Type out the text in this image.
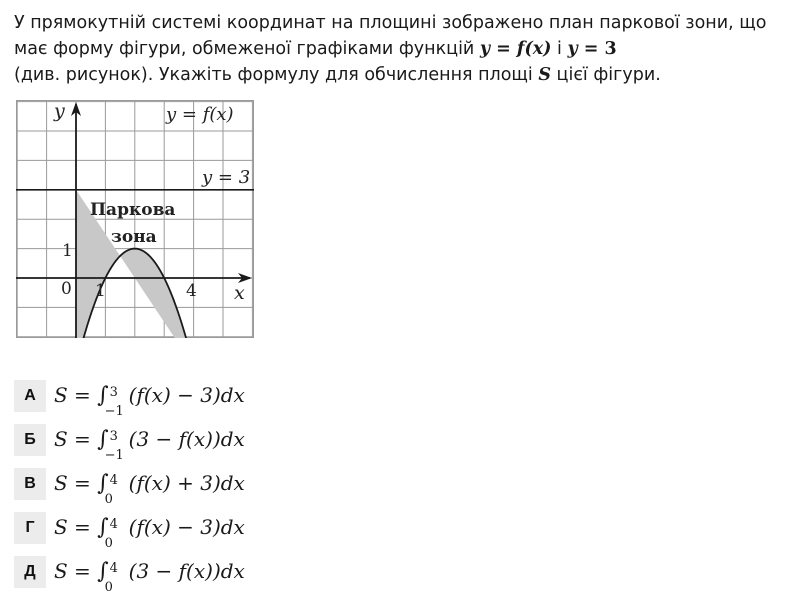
У прямокутній системі координат на площині зображено план паркової зони, що
має форму фігури, обмеженої графіками функцій y = f(x) і y = 3
(див. рисунок). Укажіть формулу для обчислення площі S цієї фігури.
y
x
0 1	4
1
y = f(x)
y = 3
Паркова
зона
А S = ∫ 3
−1
(f(x) − 3)dx
Б S = ∫ 3
−1
(3 − f(x))dx
В S = ∫ 4
0
(f(x) + 3)dx
Г S = ∫ 4
0
(f(x) − 3)dx
Д S = ∫ 4
0
(3 − f(x))dx
